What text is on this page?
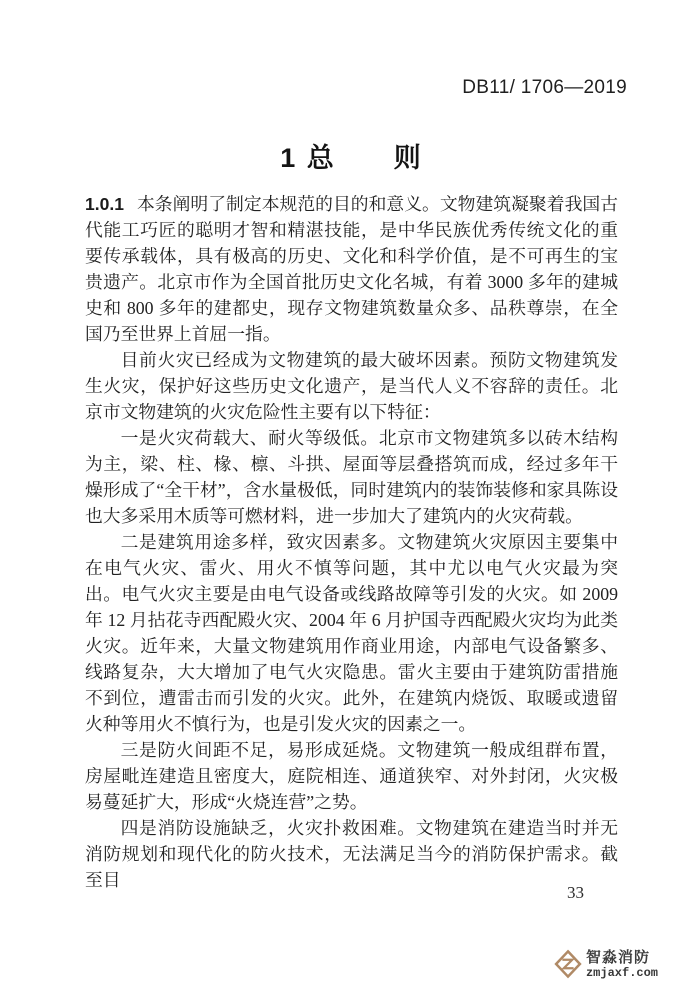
DB11/ 1706—2019
1 总　　则

1.0.1 本条阐明了制定本规范的目的和意义。文物建筑凝聚着我国古代能工巧匠的聪明才智和精湛技能，是中华民族优秀传统文化的重要传承载体，具有极高的历史、文化和科学价值，是不可再生的宝贵遗产。北京市作为全国首批历史文化名城，有着 3000 多年的建城史和 800 多年的建都史，现存文物建筑数量众多、品秩尊崇，在全国乃至世界上首屈一指。

目前火灾已经成为文物建筑的最大破坏因素。预防文物建筑发生火灾，保护好这些历史文化遗产，是当代人义不容辞的责任。北京市文物建筑的火灾危险性主要有以下特征：

一是火灾荷载大、耐火等级低。北京市文物建筑多以砖木结构为主，梁、柱、椽、檩、斗拱、屋面等层叠搭筑而成，经过多年干燥形成了“全干材”，含水量极低，同时建筑内的装饰装修和家具陈设也大多采用木质等可燃材料，进一步加大了建筑内的火灾荷载。

二是建筑用途多样，致灾因素多。文物建筑火灾原因主要集中在电气火灾、雷火、用火不慎等问题，其中尤以电气火灾最为突出。电气火灾主要是由电气设备或线路故障等引发的火灾。如 2009 年 12 月拈花寺西配殿火灾、2004 年 6 月护国寺西配殿火灾均为此类火灾。近年来，大量文物建筑用作商业用途，内部电气设备繁多、线路复杂，大大增加了电气火灾隐患。雷火主要由于建筑防雷措施不到位，遭雷击而引发的火灾。此外，在建筑内烧饭、取暖或遗留火种等用火不慎行为，也是引发火灾的因素之一。

三是防火间距不足，易形成延烧。文物建筑一般成组群布置，房屋毗连建造且密度大，庭院相连、通道狭窄、对外封闭，火灾极易蔓延扩大，形成“火烧连营”之势。

四是消防设施缺乏，火灾扑救困难。文物建筑在建造当时并无消防规划和现代化的防火技术，无法满足当今的消防保护需求。截至目

33
智淼消防
zmjaxf.com
